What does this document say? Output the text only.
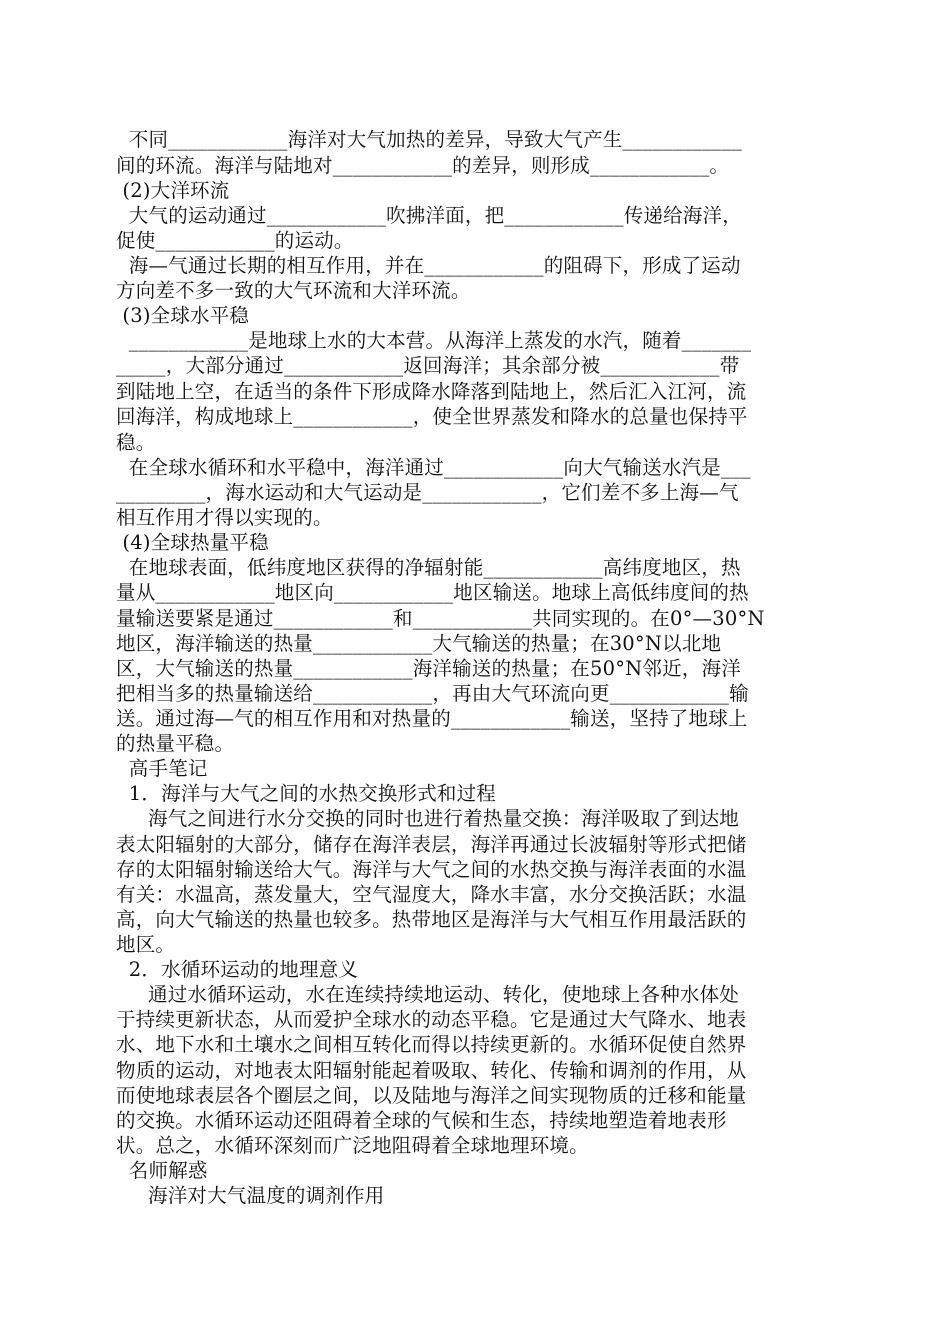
不同____________海洋对大气加热的差异，导致大气产生____________
间的环流。海洋与陆地对____________的差异，则形成____________。
(2)大洋环流
大气的运动通过____________吹拂洋面，把____________传递给海洋，
促使____________的运动。
海—气通过长期的相互作用，并在____________的阻碍下，形成了运动
方向差不多一致的大气环流和大洋环流。
(3)全球水平稳
____________是地球上水的大本营。从海洋上蒸发的水汽，随着_______
_____，大部分通过____________返回海洋；其余部分被____________带
到陆地上空，在适当的条件下形成降水降落到陆地上，然后汇入江河，流
回海洋，构成地球上____________，使全世界蒸发和降水的总量也保持平
稳。
在全球水循环和水平稳中，海洋通过____________向大气输送水汽是___
_________，海水运动和大气运动是____________，它们差不多上海—气
相互作用才得以实现的。
(4)全球热量平稳
在地球表面，低纬度地区获得的净辐射能____________高纬度地区，热
量从____________地区向____________地区输送。地球上高低纬度间的热
量输送要紧是通过____________和____________共同实现的。在0°—30°N
地区，海洋输送的热量____________大气输送的热量；在30°N以北地
区，大气输送的热量____________海洋输送的热量；在50°N邻近，海洋
把相当多的热量输送给____________，再由大气环流向更____________输
送。通过海—气的相互作用和对热量的____________输送，坚持了地球上
的热量平稳。
高手笔记
1．海洋与大气之间的水热交换形式和过程
海气之间进行水分交换的同时也进行着热量交换：海洋吸取了到达地
表太阳辐射的大部分，储存在海洋表层，海洋再通过长波辐射等形式把储
存的太阳辐射输送给大气。海洋与大气之间的水热交换与海洋表面的水温
有关：水温高，蒸发量大，空气湿度大，降水丰富，水分交换活跃；水温
高，向大气输送的热量也较多。热带地区是海洋与大气相互作用最活跃的
地区。
2．水循环运动的地理意义
通过水循环运动，水在连续持续地运动、转化，使地球上各种水体处
于持续更新状态，从而爱护全球水的动态平稳。它是通过大气降水、地表
水、地下水和土壤水之间相互转化而得以持续更新的。水循环促使自然界
物质的运动，对地表太阳辐射能起着吸取、转化、传输和调剂的作用，从
而使地球表层各个圈层之间，以及陆地与海洋之间实现物质的迁移和能量
的交换。水循环运动还阻碍着全球的气候和生态，持续地塑造着地表形
状。总之，水循环深刻而广泛地阻碍着全球地理环境。
名师解惑
海洋对大气温度的调剂作用
